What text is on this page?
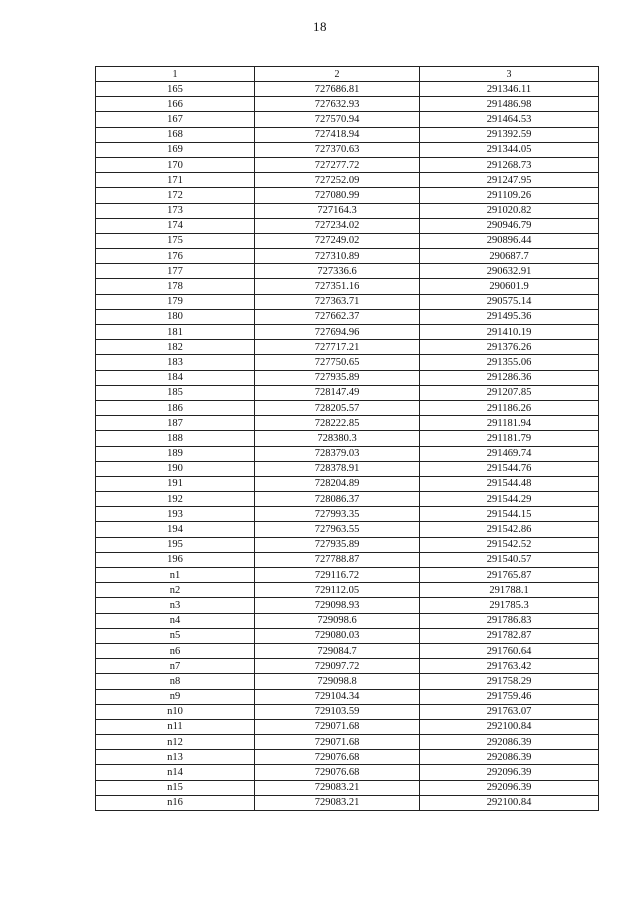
18
1	2	3
165	727686.81	291346.11
166	727632.93	291486.98
167	727570.94	291464.53
168	727418.94	291392.59
169	727370.63	291344.05
170	727277.72	291268.73
171	727252.09	291247.95
172	727080.99	291109.26
173	727164.3	291020.82
174	727234.02	290946.79
175	727249.02	290896.44
176	727310.89	290687.7
177	727336.6	290632.91
178	727351.16	290601.9
179	727363.71	290575.14
180	727662.37	291495.36
181	727694.96	291410.19
182	727717.21	291376.26
183	727750.65	291355.06
184	727935.89	291286.36
185	728147.49	291207.85
186	728205.57	291186.26
187	728222.85	291181.94
188	728380.3	291181.79
189	728379.03	291469.74
190	728378.91	291544.76
191	728204.89	291544.48
192	728086.37	291544.29
193	727993.35	291544.15
194	727963.55	291542.86
195	727935.89	291542.52
196	727788.87	291540.57
n1	729116.72	291765.87
n2	729112.05	291788.1
n3	729098.93	291785.3
n4	729098.6	291786.83
n5	729080.03	291782.87
n6	729084.7	291760.64
n7	729097.72	291763.42
n8	729098.8	291758.29
n9	729104.34	291759.46
n10	729103.59	291763.07
n11	729071.68	292100.84
n12	729071.68	292086.39
n13	729076.68	292086.39
n14	729076.68	292096.39
n15	729083.21	292096.39
n16	729083.21	292100.84
